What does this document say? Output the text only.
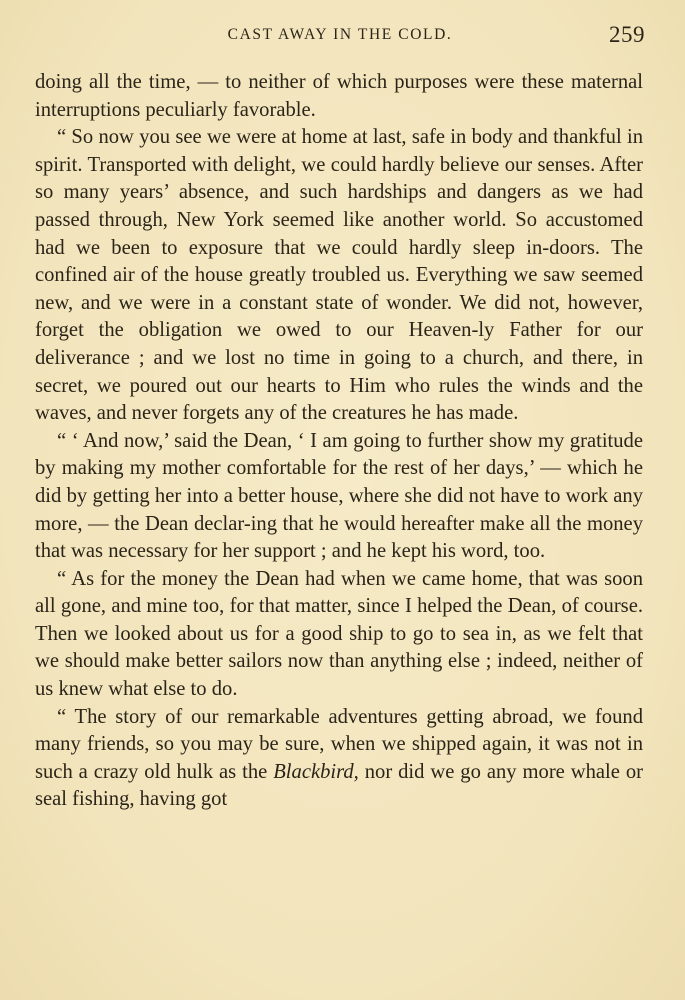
CAST AWAY IN THE COLD.	259

doing all the time, — to neither of which purposes were these maternal interruptions peculiarly favorable.

“ So now you see we were at home at last, safe in body and thankful in spirit. Transported with delight, we could hardly believe our senses. After so many years’ absence, and such hardships and dangers as we had passed through, New York seemed like another world. So accustomed had we been to exposure that we could hardly sleep in-doors. The confined air of the house greatly troubled us. Everything we saw seemed new, and we were in a constant state of wonder. We did not, however, forget the obligation we owed to our Heaven-ly Father for our deliverance ; and we lost no time in going to a church, and there, in secret, we poured out our hearts to Him who rules the winds and the waves, and never forgets any of the creatures he has made.

“ ‘ And now,’ said the Dean, ‘ I am going to further show my gratitude by making my mother comfortable for the rest of her days,’ — which he did by getting her into a better house, where she did not have to work any more, — the Dean declar-ing that he would hereafter make all the money that was necessary for her support ; and he kept his word, too.

“ As for the money the Dean had when we came home, that was soon all gone, and mine too, for that matter, since I helped the Dean, of course. Then we looked about us for a good ship to go to sea in, as we felt that we should make better sailors now than anything else ; indeed, neither of us knew what else to do.

“ The story of our remarkable adventures getting abroad, we found many friends, so you may be sure, when we shipped again, it was not in such a crazy old hulk as the Blackbird, nor did we go any more whale or seal fishing, having got
